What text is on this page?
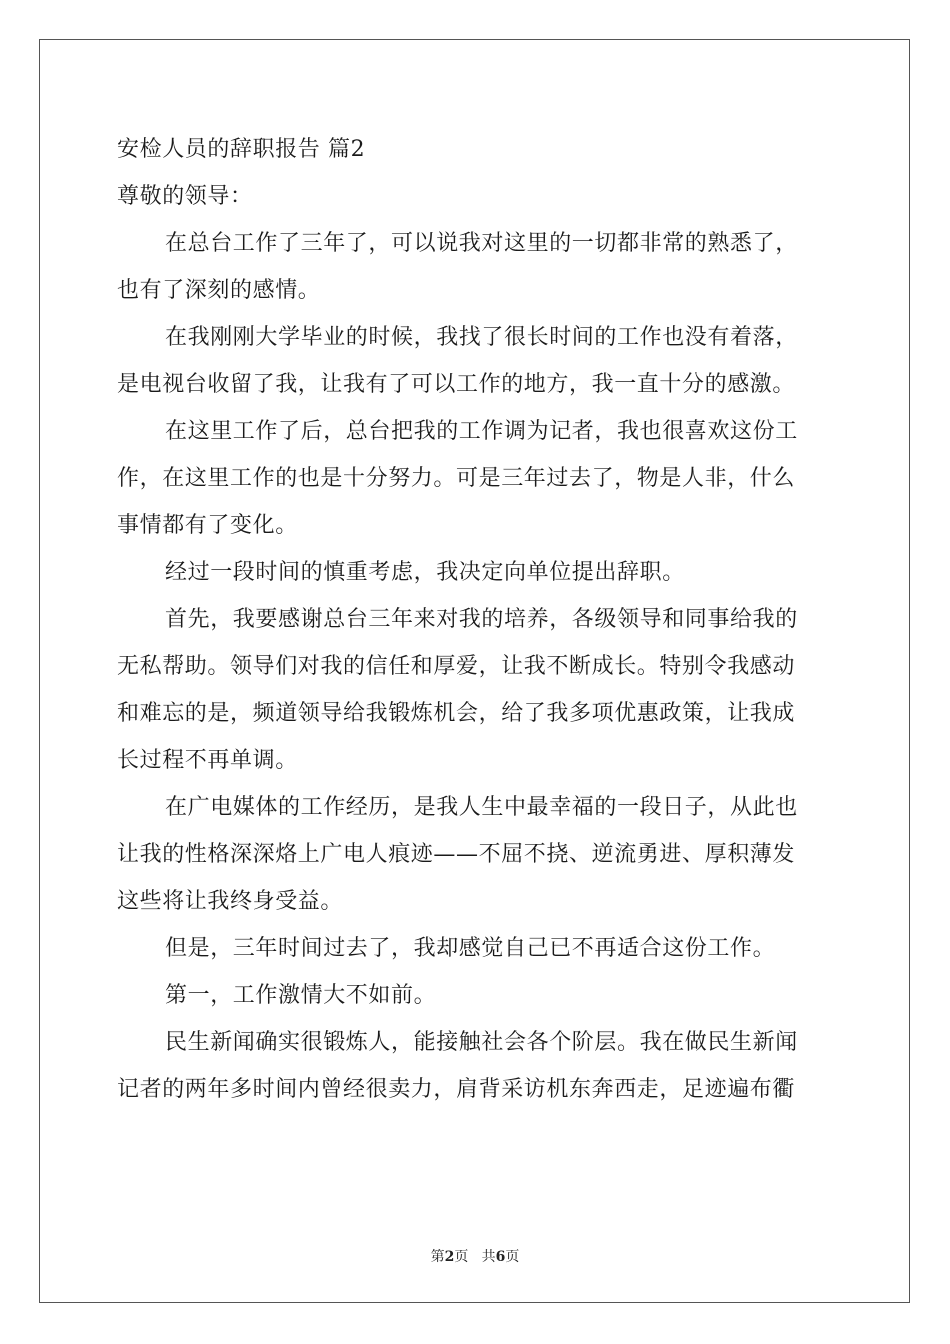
安检人员的辞职报告 篇2
尊敬的领导：
在总台工作了三年了，可以说我对这里的一切都非常的熟悉了，
也有了深刻的感情。
在我刚刚大学毕业的时候，我找了很长时间的工作也没有着落，
是电视台收留了我，让我有了可以工作的地方，我一直十分的感激。
在这里工作了后，总台把我的工作调为记者，我也很喜欢这份工
作，在这里工作的也是十分努力。可是三年过去了，物是人非，什么
事情都有了变化。
经过一段时间的慎重考虑，我决定向单位提出辞职。
首先，我要感谢总台三年来对我的培养，各级领导和同事给我的
无私帮助。领导们对我的信任和厚爱，让我不断成长。特别令我感动
和难忘的是，频道领导给我锻炼机会，给了我多项优惠政策，让我成
长过程不再单调。
在广电媒体的工作经历，是我人生中最幸福的一段日子，从此也
让我的性格深深烙上广电人痕迹——不屈不挠、逆流勇进、厚积薄发
这些将让我终身受益。
但是，三年时间过去了，我却感觉自己已不再适合这份工作。
第一，工作激情大不如前。
民生新闻确实很锻炼人，能接触社会各个阶层。我在做民生新闻
记者的两年多时间内曾经很卖力，肩背采访机东奔西走，足迹遍布衢
第2页 共6页
